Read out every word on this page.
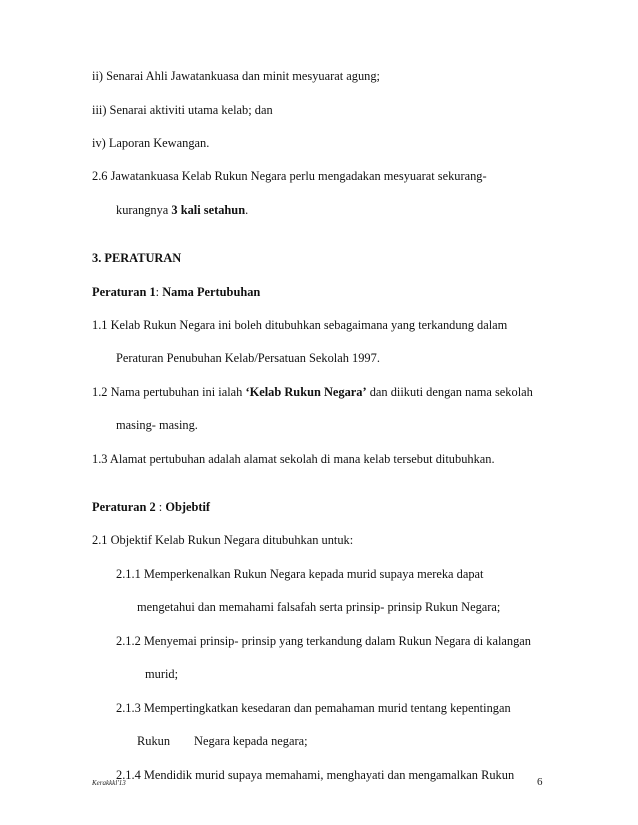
ii) Senarai Ahli Jawatankuasa dan minit mesyuarat agung;
iii) Senarai aktiviti utama kelab; dan
iv) Laporan Kewangan.
2.6 Jawatankuasa Kelab Rukun Negara perlu mengadakan mesyuarat sekurang-
kurangnya 3 kali setahun.
3. PERATURAN
Peraturan 1: Nama Pertubuhan
1.1 Kelab Rukun Negara ini boleh ditubuhkan sebagaimana yang terkandung dalam
Peraturan Penubuhan Kelab/Persatuan Sekolah 1997.
1.2 Nama pertubuhan ini ialah ‘Kelab Rukun Negara’ dan diikuti dengan nama sekolah
masing- masing.
1.3 Alamat pertubuhan adalah alamat sekolah di mana kelab tersebut ditubuhkan.
Peraturan 2 : Objebtif
2.1 Objektif Kelab Rukun Negara ditubuhkan untuk:
2.1.1 Memperkenalkan Rukun Negara kepada murid supaya mereka dapat
mengetahui dan memahami falsafah serta prinsip- prinsip Rukun Negara;
2.1.2 Menyemai prinsip- prinsip yang terkandung dalam Rukun Negara di kalangan
murid;
2.1.3 Mempertingkatkan kesedaran dan pemahaman murid tentang kepentingan
Rukun Negara kepada negara;
2.1.4 Mendidik murid supaya memahami, menghayati dan mengamalkan Rukun
Kerakkkl'13	6
